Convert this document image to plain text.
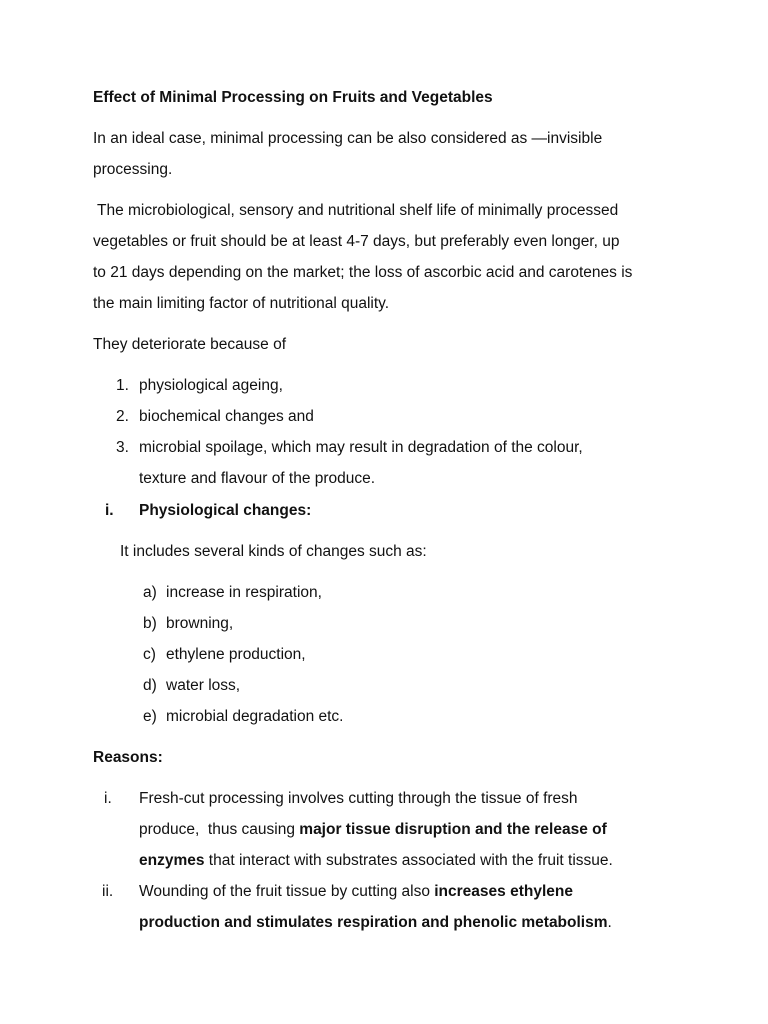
Effect of Minimal Processing on Fruits and Vegetables
In an ideal case, minimal processing can be also considered as —invisible
processing.
The microbiological, sensory and nutritional shelf life of minimally processed
vegetables or fruit should be at least 4-7 days, but preferably even longer, up
to 21 days depending on the market; the loss of ascorbic acid and carotenes is
the main limiting factor of nutritional quality.
They deteriorate because of
1. physiological ageing,
2. biochemical changes and
3. microbial spoilage, which may result in degradation of the colour,
texture and flavour of the produce.
i. Physiological changes:
It includes several kinds of changes such as:
a) increase in respiration,
b) browning,
c) ethylene production,
d) water loss,
e) microbial degradation etc.
Reasons:
i. Fresh-cut processing involves cutting through the tissue of fresh
produce,  thus causing major tissue disruption and the release of
enzymes that interact with substrates associated with the fruit tissue.
ii. Wounding of the fruit tissue by cutting also increases ethylene
production and stimulates respiration and phenolic metabolism.
